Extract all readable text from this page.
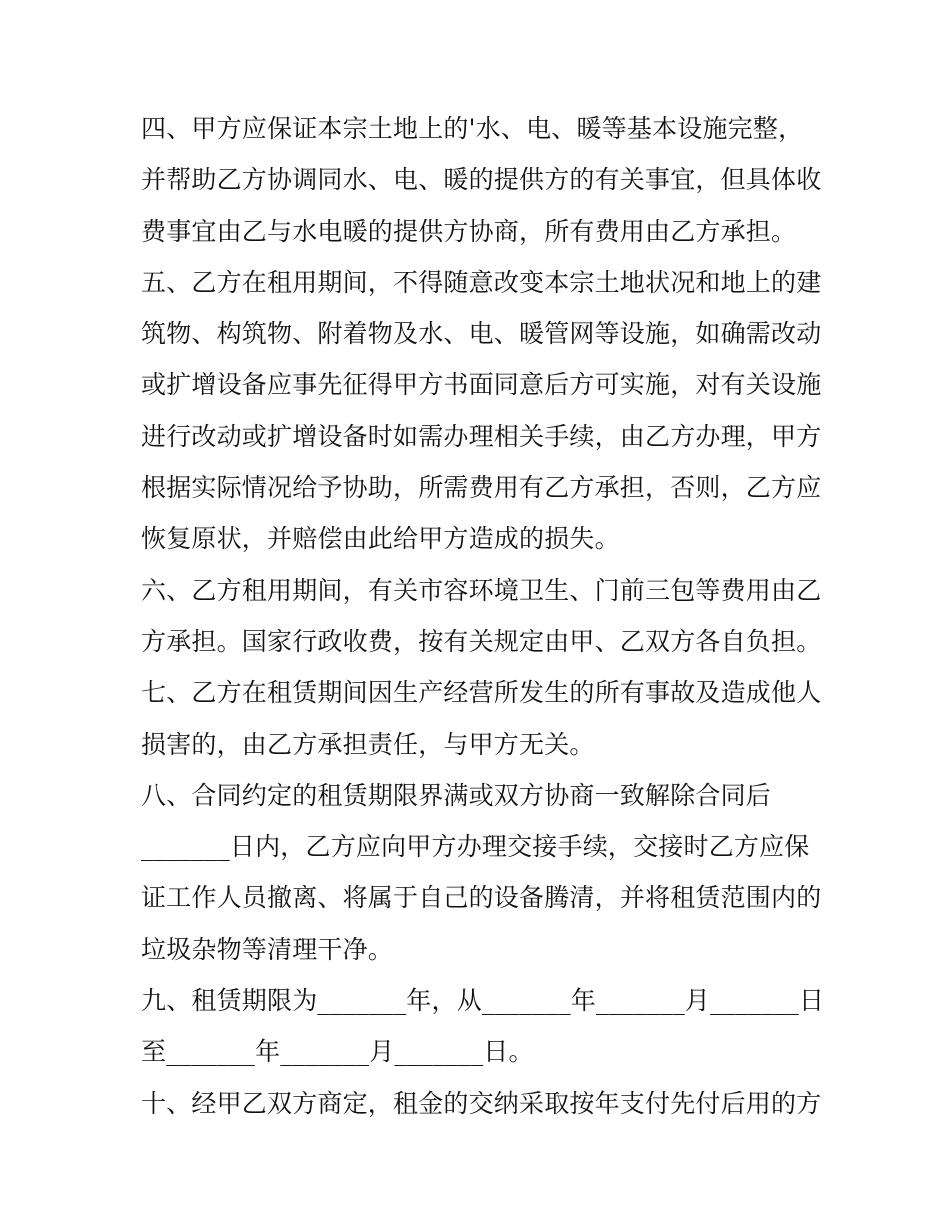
四、甲方应保证本宗土地上的'水、电、暖等基本设施完整，
并帮助乙方协调同水、电、暖的提供方的有关事宜，但具体收
费事宜由乙与水电暖的提供方协商，所有费用由乙方承担。
五、乙方在租用期间，不得随意改变本宗土地状况和地上的建
筑物、构筑物、附着物及水、电、暖管网等设施，如确需改动
或扩增设备应事先征得甲方书面同意后方可实施，对有关设施
进行改动或扩增设备时如需办理相关手续，由乙方办理，甲方
根据实际情况给予协助，所需费用有乙方承担，否则，乙方应
恢复原状，并赔偿由此给甲方造成的损失。
六、乙方租用期间，有关市容环境卫生、门前三包等费用由乙
方承担。国家行政收费，按有关规定由甲、乙双方各自负担。
七、乙方在租赁期间因生产经营所发生的所有事故及造成他人
损害的，由乙方承担责任，与甲方无关。
八、合同约定的租赁期限界满或双方协商一致解除合同后
_______日内，乙方应向甲方办理交接手续，交接时乙方应保
证工作人员撤离、将属于自己的设备腾清，并将租赁范围内的
垃圾杂物等清理干净。
九、租赁期限为_______年，从_______年_______月_______日
至_______年_______月_______日。
十、经甲乙双方商定，租金的交纳采取按年支付先付后用的方
